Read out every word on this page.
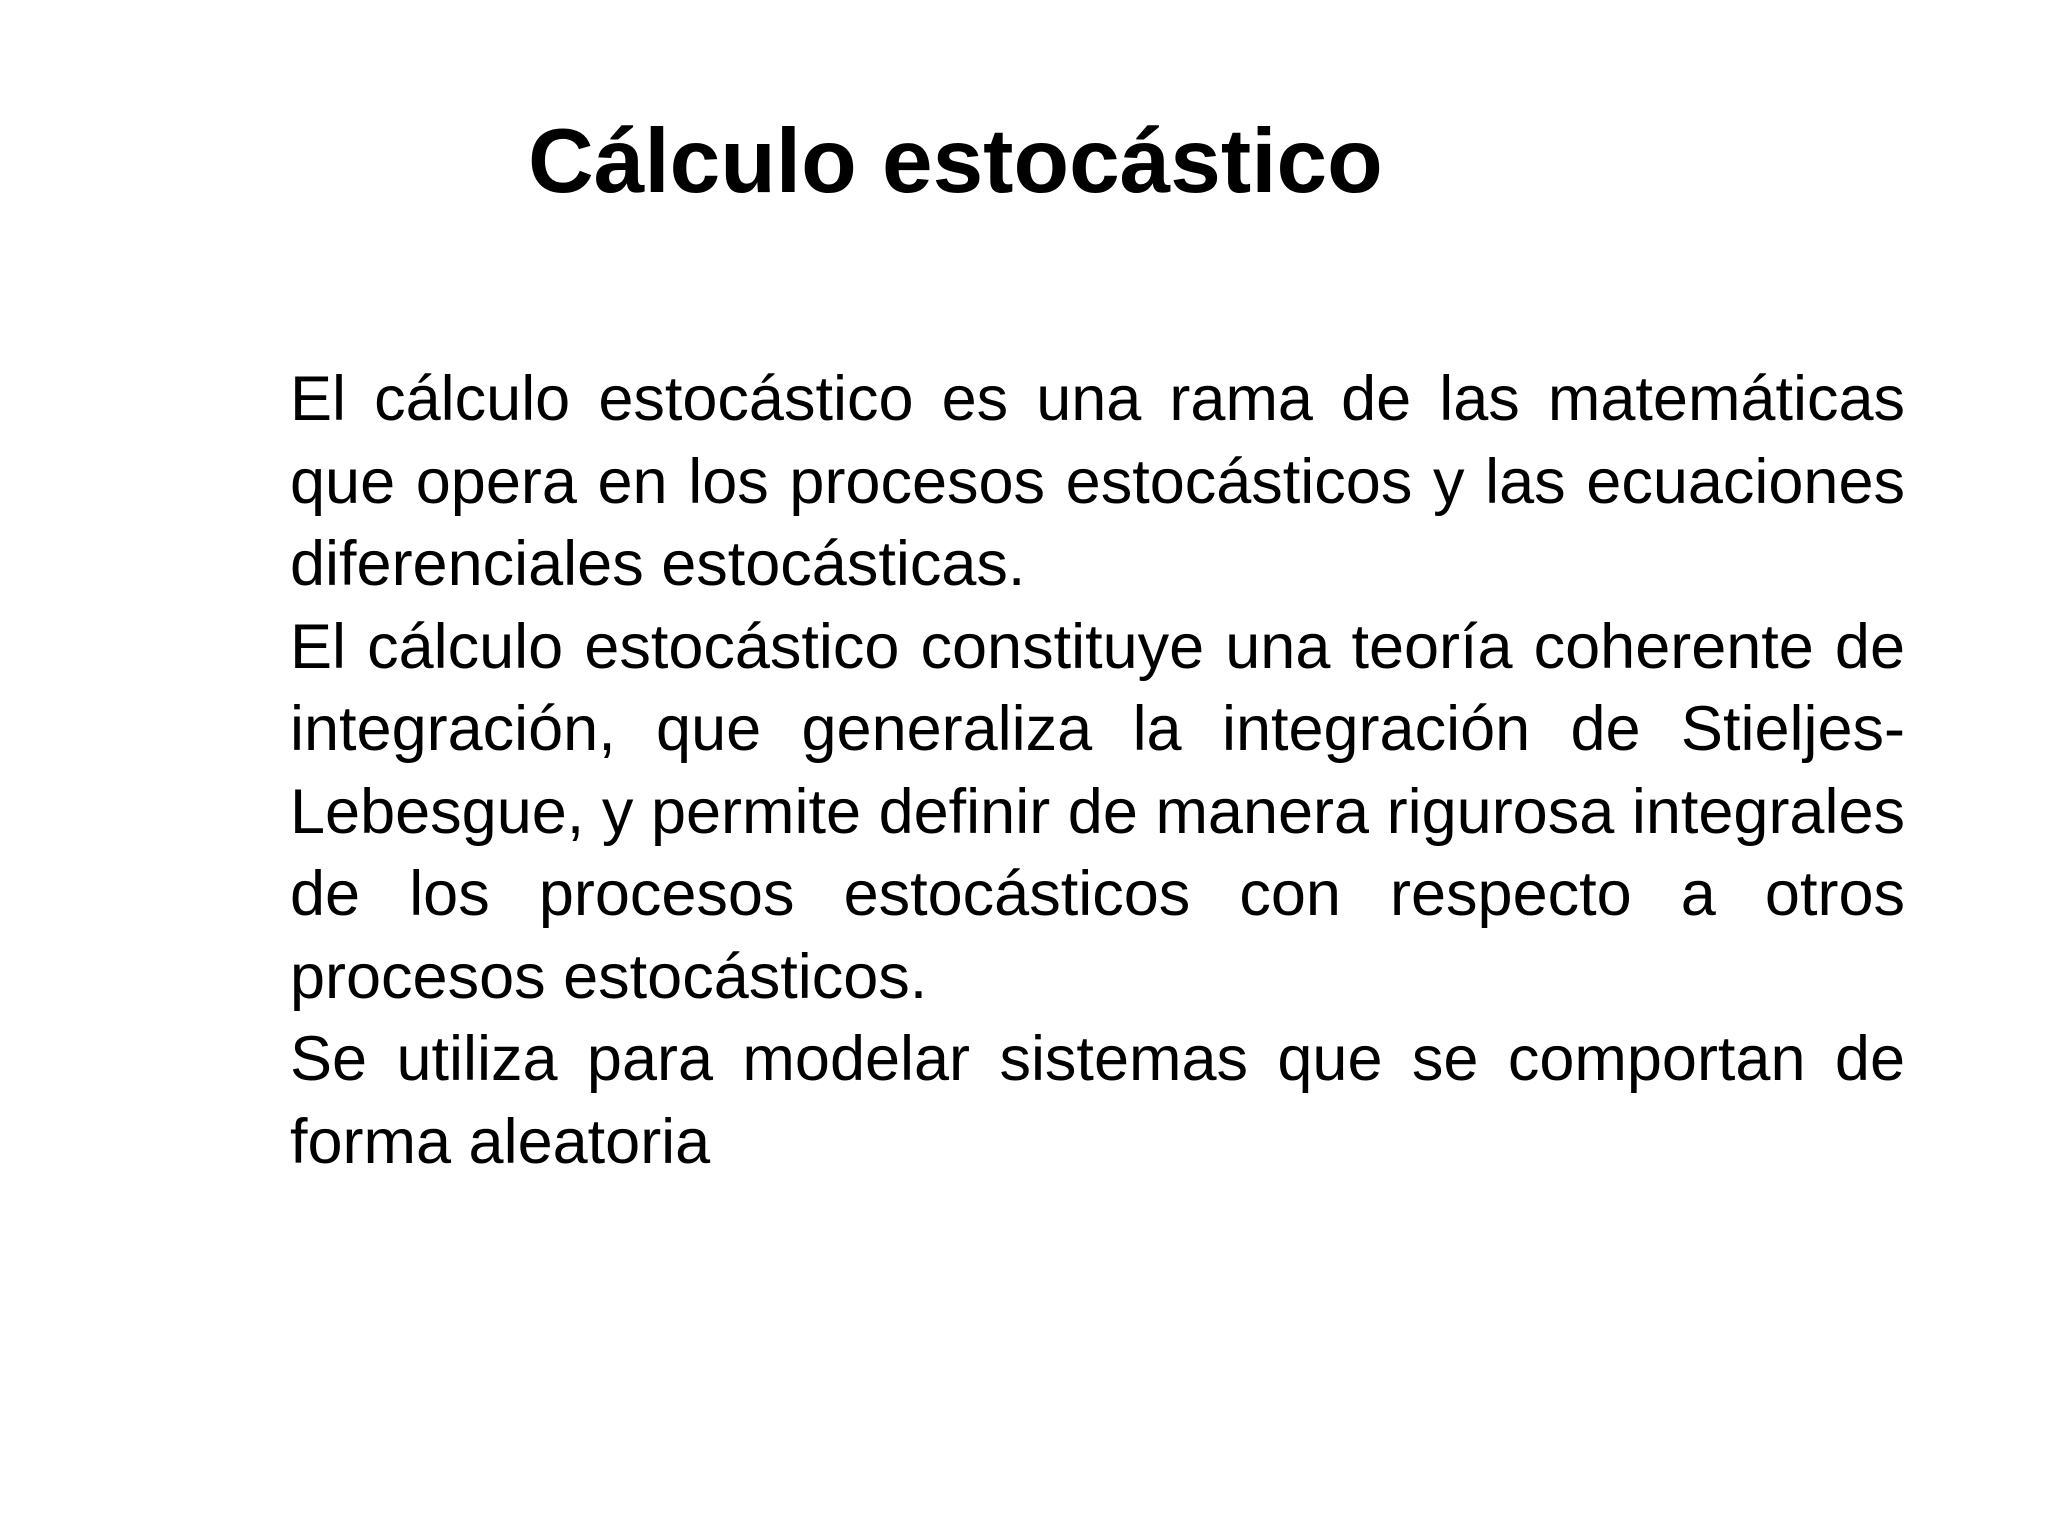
Cálculo estocástico

El cálculo estocástico es una rama de las matemáticas que opera en los procesos estocásticos y las ecuaciones diferenciales estocásticas.

El cálculo estocástico constituye una teoría coherente de integración, que generaliza la integración de Stieljes-Lebesgue, y permite definir de manera rigurosa integrales de los procesos estocásticos con respecto a otros procesos estocásticos.

Se utiliza para modelar sistemas que se comportan de forma aleatoria
